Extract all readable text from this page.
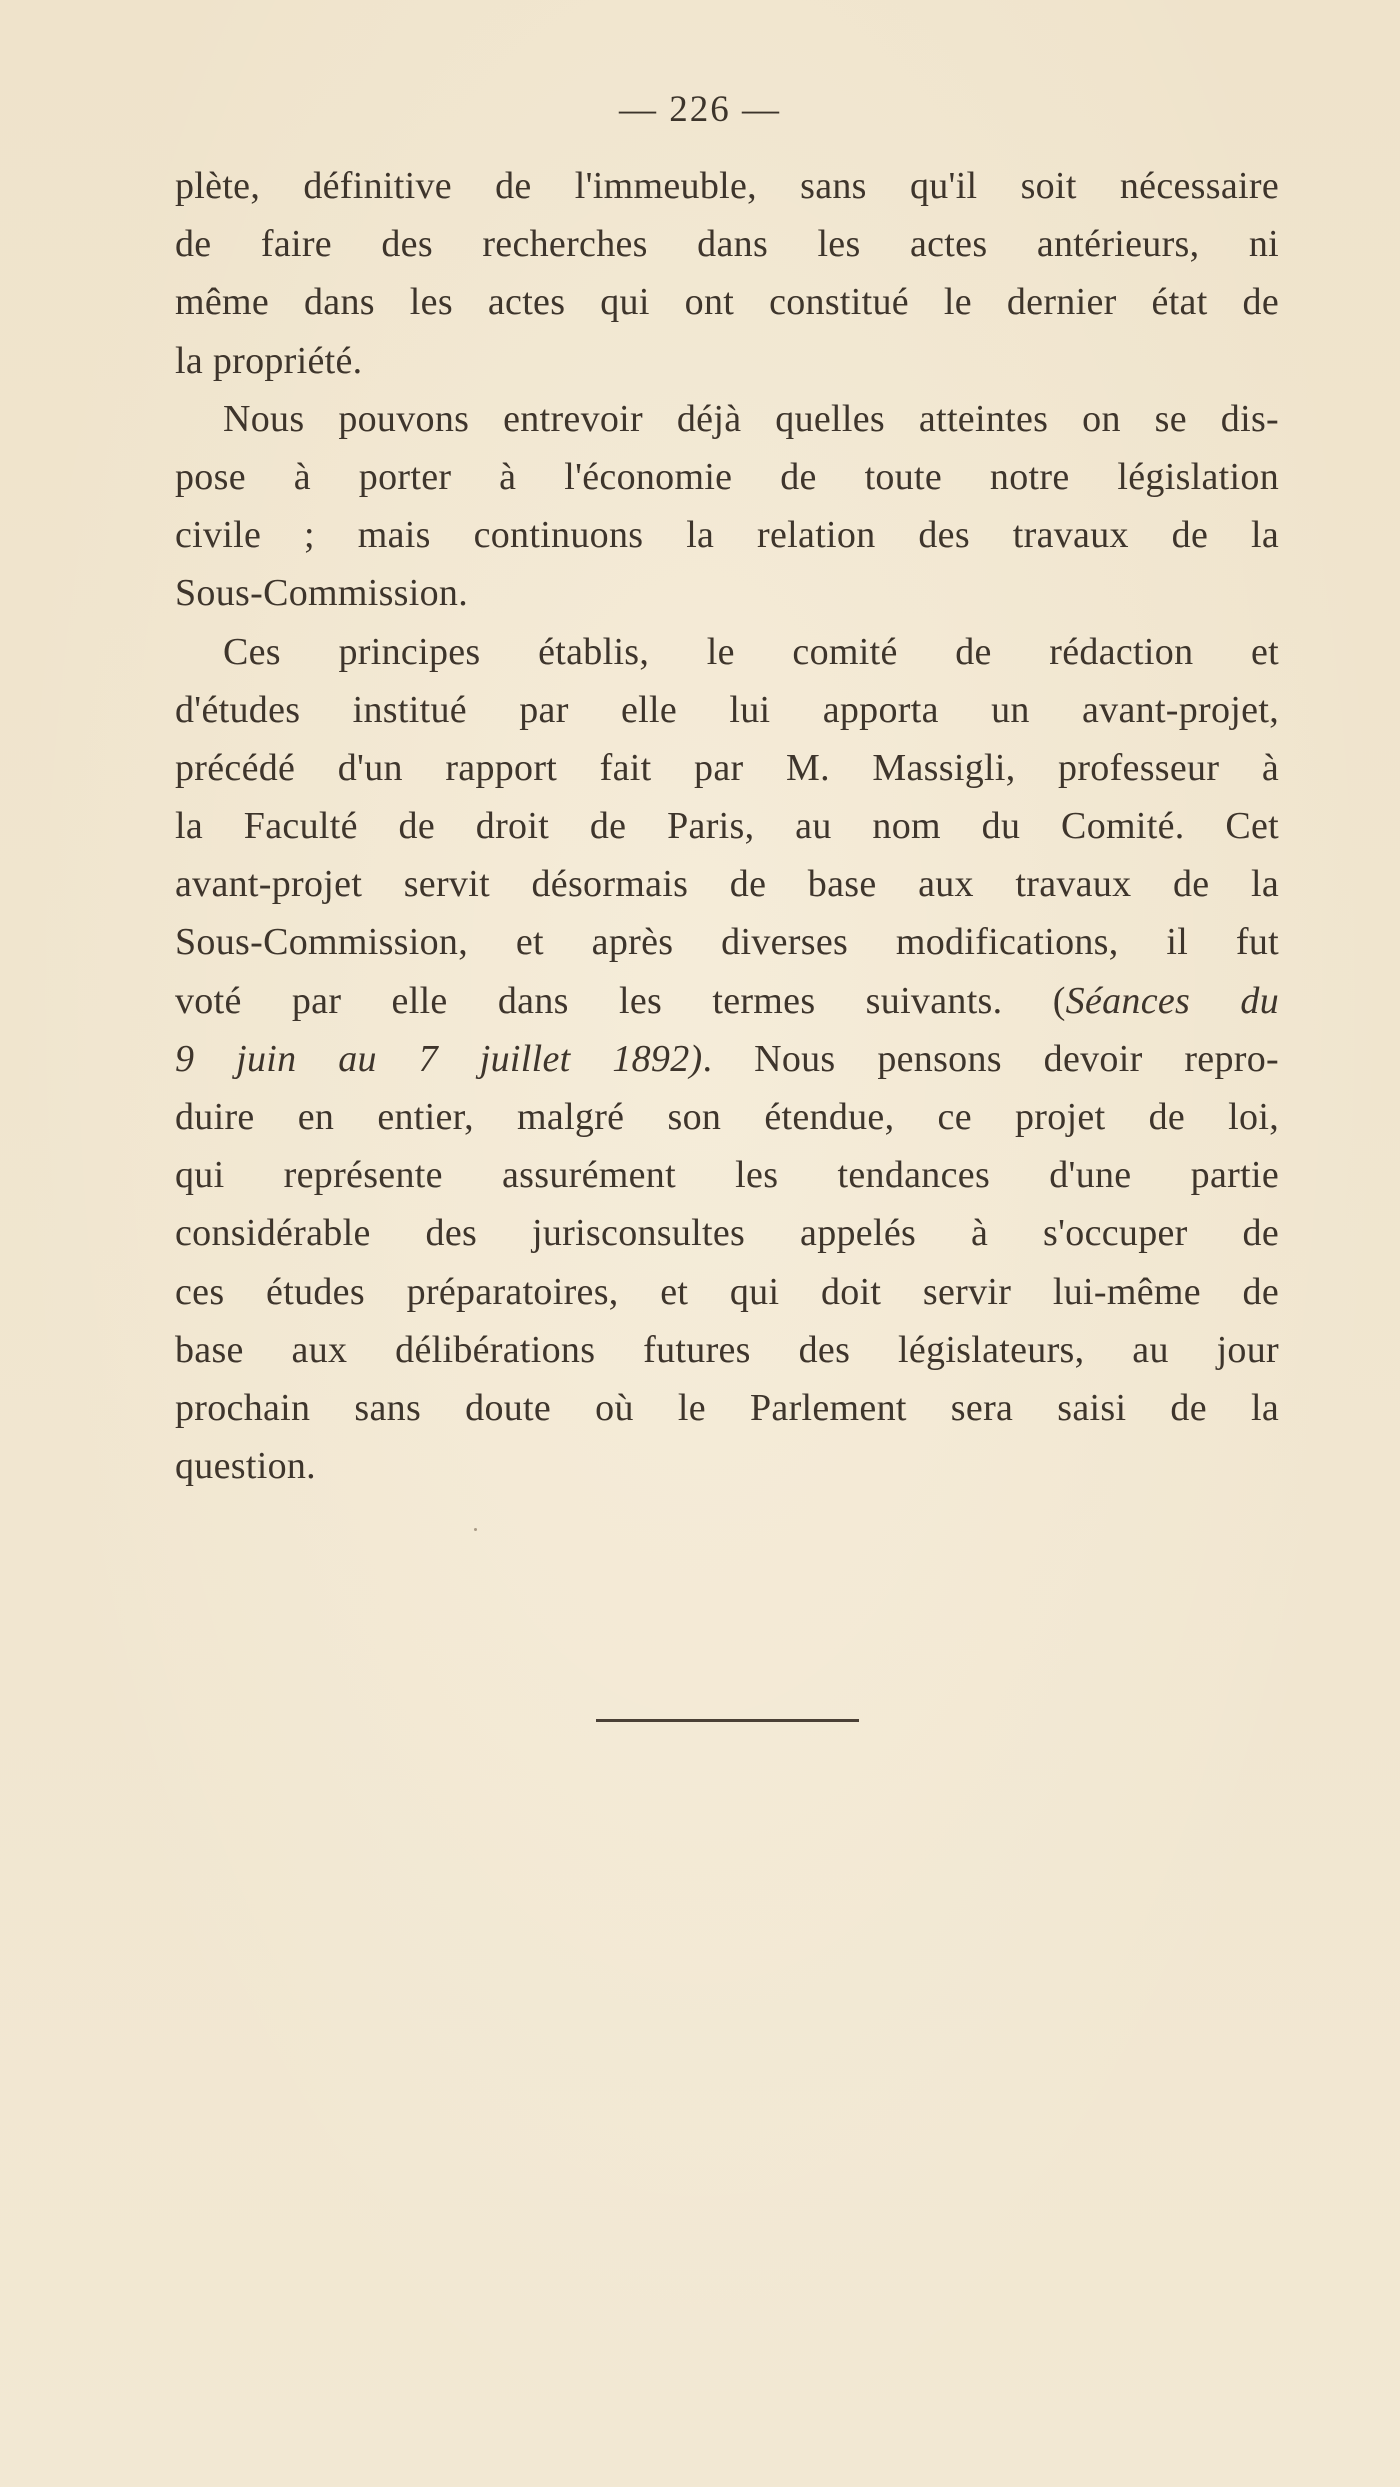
— 226 —
plète, définitive de l'immeuble, sans qu'il soit nécessaire
de faire des recherches dans les actes antérieurs, ni
même dans les actes qui ont constitué le dernier état de
la propriété.
Nous pouvons entrevoir déjà quelles atteintes on se dis-
pose à porter à l'économie de toute notre législation
civile ; mais continuons la relation des travaux de la
Sous-Commission.
Ces principes établis, le comité de rédaction et
d'études institué par elle lui apporta un avant-projet,
précédé d'un rapport fait par M. Massigli, professeur à
la Faculté de droit de Paris, au nom du Comité. Cet
avant-projet servit désormais de base aux travaux de la
Sous-Commission, et après diverses modifications, il fut
voté par elle dans les termes suivants. (Séances du
9 juin au 7 juillet 1892). Nous pensons devoir repro-
duire en entier, malgré son étendue, ce projet de loi,
qui représente assurément les tendances d'une partie
considérable des jurisconsultes appelés à s'occuper de
ces études préparatoires, et qui doit servir lui-même de
base aux délibérations futures des législateurs, au jour
prochain sans doute où le Parlement sera saisi de la
question.
